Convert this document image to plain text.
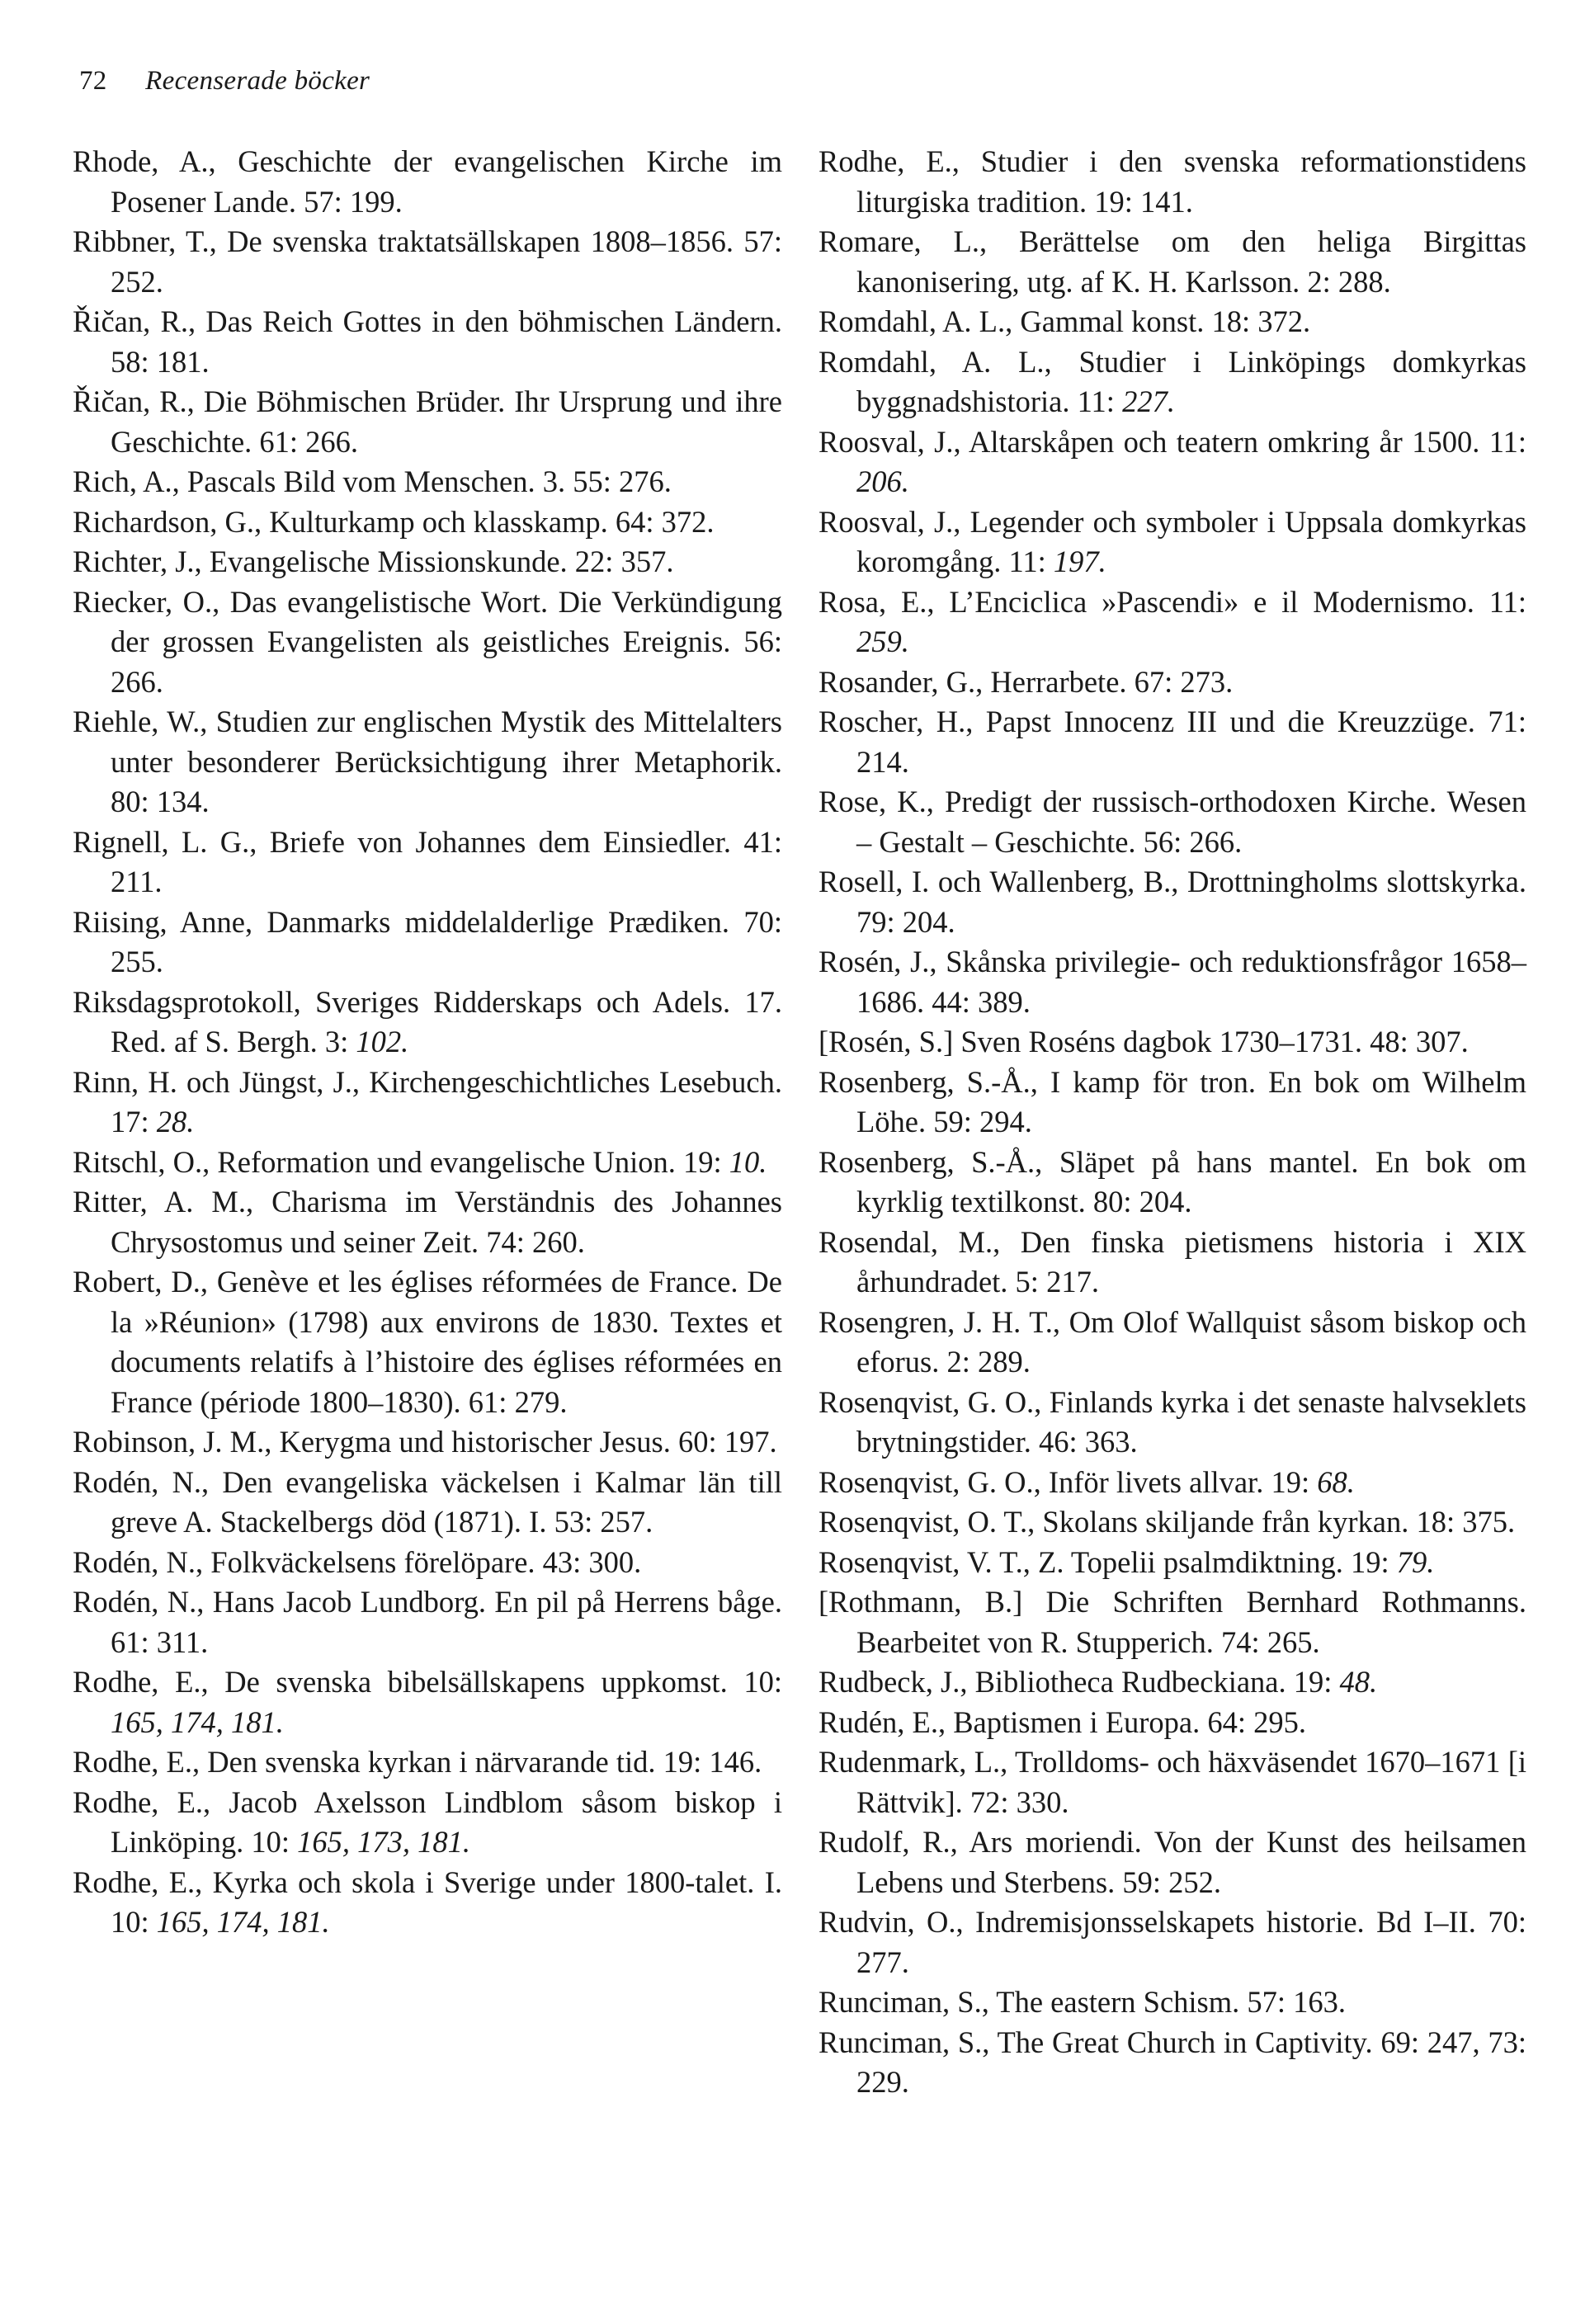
72 Recenserade böcker

Rhode, A., Geschichte der evangelischen Kirche im Posener Lande. 57: 199.

Ribbner, T., De svenska traktatsällskapen 1808–1856. 57: 252.

Řičan, R., Das Reich Gottes in den böhmischen Ländern. 58: 181.

Řičan, R., Die Böhmischen Brüder. Ihr Ursprung und ihre Geschichte. 61: 266.

Rich, A., Pascals Bild vom Menschen. 3. 55: 276.

Richardson, G., Kulturkamp och klasskamp. 64: 372.

Richter, J., Evangelische Missionskunde. 22: 357.

Riecker, O., Das evangelistische Wort. Die Verkündigung der grossen Evangelisten als geistliches Ereignis. 56: 266.

Riehle, W., Studien zur englischen Mystik des Mittelalters unter besonderer Berücksichtigung ihrer Metaphorik. 80: 134.

Rignell, L. G., Briefe von Johannes dem Einsiedler. 41: 211.

Riising, Anne, Danmarks middelalderlige Prædiken. 70: 255.

Riksdagsprotokoll, Sveriges Ridderskaps och Adels. 17. Red. af S. Bergh. 3: 102.

Rinn, H. och Jüngst, J., Kirchengeschichtliches Lesebuch. 17: 28.

Ritschl, O., Reformation und evangelische Union. 19: 10.

Ritter, A. M., Charisma im Verständnis des Johannes Chrysostomus und seiner Zeit. 74: 260.

Robert, D., Genève et les églises réformées de France. De la »Réunion» (1798) aux environs de 1830. Textes et documents relatifs à l’histoire des églises réformées en France (période 1800–1830). 61: 279.

Robinson, J. M., Kerygma und historischer Jesus. 60: 197.

Rodén, N., Den evangeliska väckelsen i Kalmar län till greve A. Stackelbergs död (1871). I. 53: 257.

Rodén, N., Folkväckelsens förelöpare. 43: 300.

Rodén, N., Hans Jacob Lundborg. En pil på Herrens båge. 61: 311.

Rodhe, E., De svenska bibelsällskapens uppkomst. 10: 165, 174, 181.

Rodhe, E., Den svenska kyrkan i närvarande tid. 19: 146.

Rodhe, E., Jacob Axelsson Lindblom såsom biskop i Linköping. 10: 165, 173, 181.

Rodhe, E., Kyrka och skola i Sverige under 1800-talet. I. 10: 165, 174, 181.

Rodhe, E., Studier i den svenska reformationstidens liturgiska tradition. 19: 141.

Romare, L., Berättelse om den heliga Birgittas kanonisering, utg. af K. H. Karlsson. 2: 288.

Romdahl, A. L., Gammal konst. 18: 372.

Romdahl, A. L., Studier i Linköpings domkyrkas byggnadshistoria. 11: 227.

Roosval, J., Altarskåpen och teatern omkring år 1500. 11: 206.

Roosval, J., Legender och symboler i Uppsala domkyrkas koromgång. 11: 197.

Rosa, E., L’Enciclica »Pascendi» e il Modernismo. 11: 259.

Rosander, G., Herrarbete. 67: 273.

Roscher, H., Papst Innocenz III und die Kreuzzüge. 71: 214.

Rose, K., Predigt der russisch-orthodoxen Kirche. Wesen – Gestalt – Geschichte. 56: 266.

Rosell, I. och Wallenberg, B., Drottningholms slottskyrka. 79: 204.

Rosén, J., Skånska privilegie- och reduktionsfrågor 1658–1686. 44: 389.

[Rosén, S.] Sven Roséns dagbok 1730–1731. 48: 307.

Rosenberg, S.-Å., I kamp för tron. En bok om Wilhelm Löhe. 59: 294.

Rosenberg, S.-Å., Släpet på hans mantel. En bok om kyrklig textilkonst. 80: 204.

Rosendal, M., Den finska pietismens historia i XIX århundradet. 5: 217.

Rosengren, J. H. T., Om Olof Wallquist såsom biskop och eforus. 2: 289.

Rosenqvist, G. O., Finlands kyrka i det senaste halvseklets brytningstider. 46: 363.

Rosenqvist, G. O., Inför livets allvar. 19: 68.

Rosenqvist, O. T., Skolans skiljande från kyrkan. 18: 375.

Rosenqvist, V. T., Z. Topelii psalmdiktning. 19: 79.

[Rothmann, B.] Die Schriften Bernhard Rothmanns. Bearbeitet von R. Stupperich. 74: 265.

Rudbeck, J., Bibliotheca Rudbeckiana. 19: 48.

Rudén, E., Baptismen i Europa. 64: 295.

Rudenmark, L., Trolldoms- och häxväsendet 1670–1671 [i Rättvik]. 72: 330.

Rudolf, R., Ars moriendi. Von der Kunst des heilsamen Lebens und Sterbens. 59: 252.

Rudvin, O., Indremisjonsselskapets historie. Bd I–II. 70: 277.

Runciman, S., The eastern Schism. 57: 163.

Runciman, S., The Great Church in Captivity. 69: 247, 73: 229.
